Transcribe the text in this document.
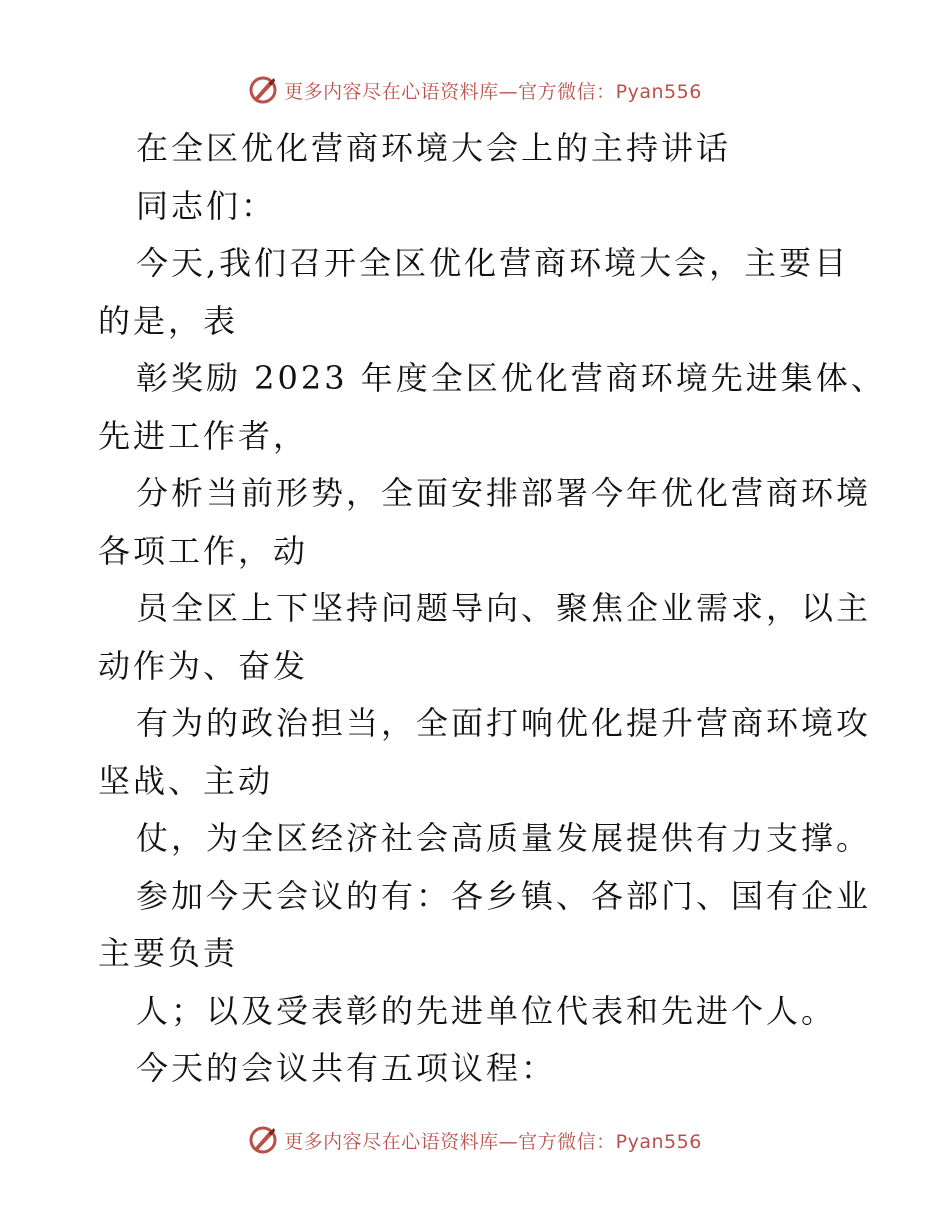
更多内容尽在心语资料库—官方微信：Pyan556
在全区优化营商环境大会上的主持讲话
同志们：
今天,我们召开全区优化营商环境大会，主要目
的是，表
彰奖励 2023 年度全区优化营商环境先进集体、
先进工作者，
分析当前形势，全面安排部署今年优化营商环境
各项工作，动
员全区上下坚持问题导向、聚焦企业需求，以主
动作为、奋发
有为的政治担当，全面打响优化提升营商环境攻
坚战、主动
仗，为全区经济社会高质量发展提供有力支撑。
参加今天会议的有：各乡镇、各部门、国有企业
主要负责
人；以及受表彰的先进单位代表和先进个人。
今天的会议共有五项议程：
更多内容尽在心语资料库—官方微信：Pyan556
